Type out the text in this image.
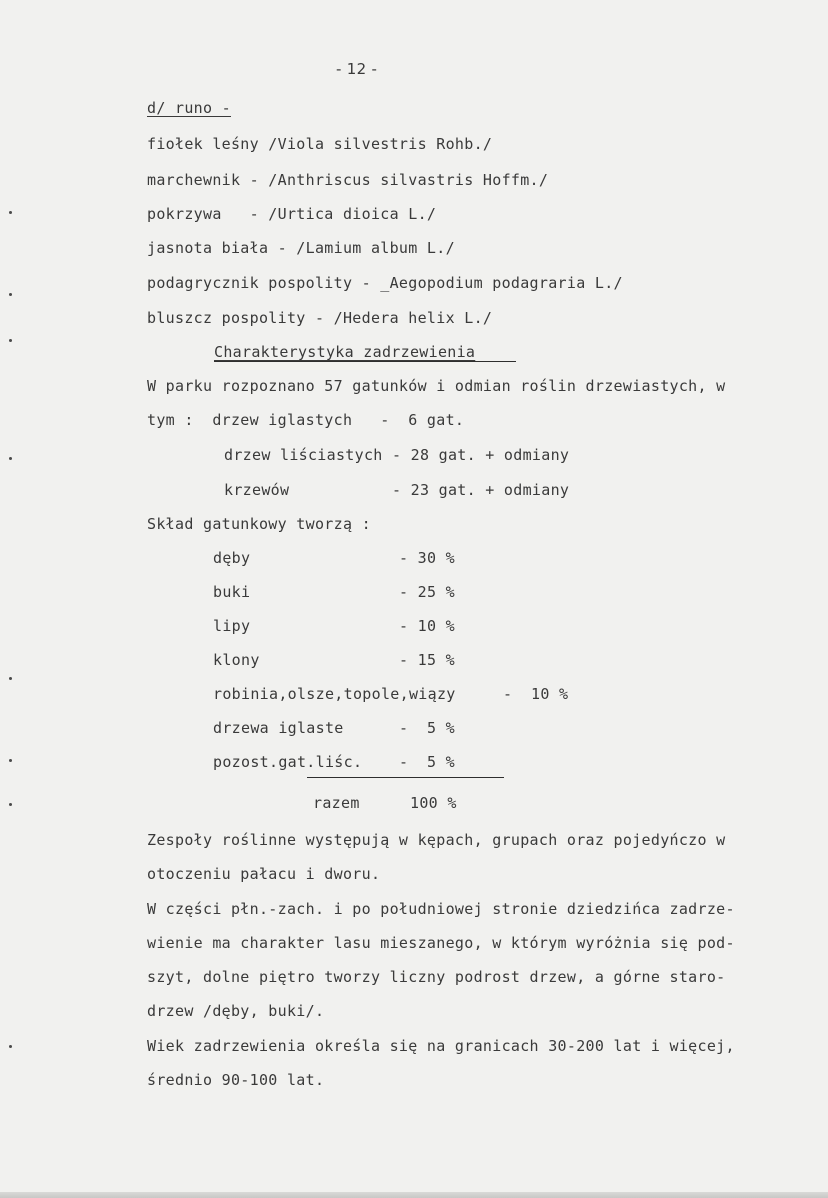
- 12 -
d/ runo -
fiołek leśny /Viola silvestris Rohb./
marchewnik - /Anthriscus silvastris Hoffm./
pokrzywa   - /Urtica dioica L./
jasnota biała - /Lamium album L./
podagrycznik pospolity - _Aegopodium podagraria L./
bluszcz pospolity - /Hedera helix L./
Charakterystyka zadrzewienia
W parku rozpoznano 57 gatunków i odmian roślin drzewiastych, w
tym :  drzew iglastych   -  6 gat.
drzew liściastych - 28 gat. + odmiany
krzewów           - 23 gat. + odmiany
Skład gatunkowy tworzą :
dęby	- 30 %
buki	- 25 %
lipy	- 10 %
klony	- 15 %
robinia,olsze,topole,wiązy	-  10 %
drzewa iglaste	-  5 %
pozost.gat.liśc. -  5 %
razem	100 %
Zespoły roślinne występują w kępach, grupach oraz pojedyńczo w
otoczeniu pałacu i dworu.
W części płn.-zach. i po południowej stronie dziedzińca zadrze-
wienie ma charakter lasu mieszanego, w którym wyróżnia się pod-
szyt, dolne piętro tworzy liczny podrost drzew, a górne staro-
drzew /dęby, buki/.
Wiek zadrzewienia określa się na granicach 30-200 lat i więcej,
średnio 90-100 lat.
